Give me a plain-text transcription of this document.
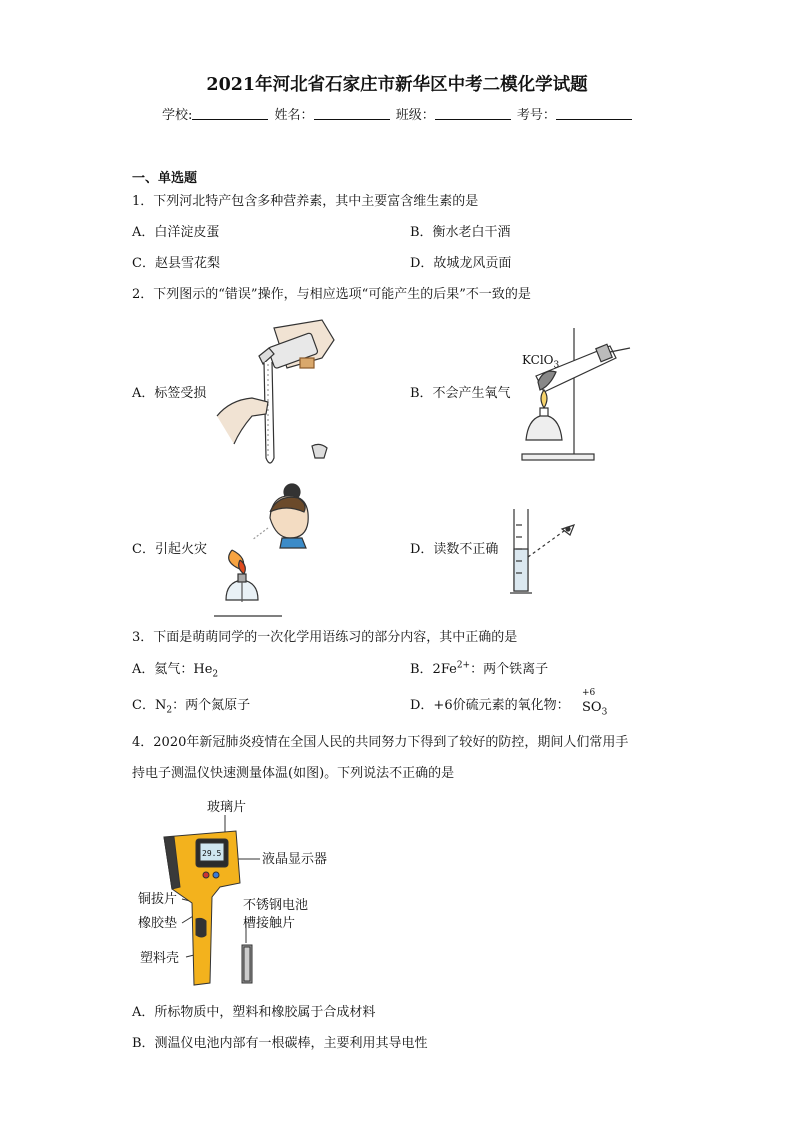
2021年河北省石家庄市新华区中考二模化学试题
学校:	姓名：	班级：	考号：
一、单选题
1．下列河北特产包含多种营养素，其中主要富含维生素的是
A．白洋淀皮蛋	B．衡水老白干酒
C．赵县雪花梨	D．故城龙风贡面
2．下列图示的“错误”操作，与相应选项“可能产生的后果”不一致的是
A．标签受损	B．不会产生氧气
C．引起火灾	D．读数不正确
KClO$_3$
3．下面是萌萌同学的一次化学用语练习的部分内容，其中正确的是
A．氦气：$He_2$	B．$2Fe^{2+}$：两个铁离子
C．$N_2$：两个氮原子	D．+6价硫元素的氧化物：
+6
$SO_3$
4．2020年新冠肺炎疫情在全国人民的共同努力下得到了较好的防控，期间人们常用手
持电子测温仪快速测量体温(如图)。下列说法不正确的是
玻璃片
液晶显示器
铜拔片
橡胶垫
不锈钢电池
槽接触片
塑料壳
29.5
A．所标物质中，塑料和橡胶属于合成材料
B．测温仪电池内部有一根碳棒，主要利用其导电性
